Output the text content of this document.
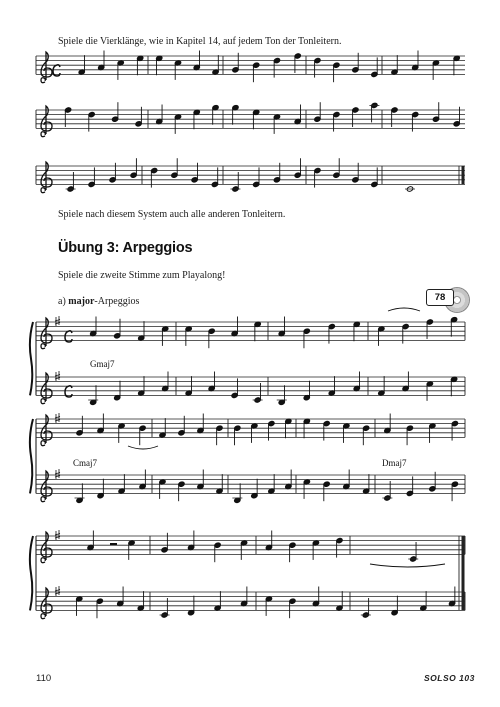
Spiele die Vierklänge, wie in Kapitel 14, auf jedem Ton der Tonleitern.
Spiele nach diesem System auch alle anderen Tonleitern.
Übung 3: Arpeggios
Spiele die zweite Stimme zum Playalong!
a) major-Arpeggios	78
Gmaj7
Cmaj7	Dmaj7
110	SOLSO 103
